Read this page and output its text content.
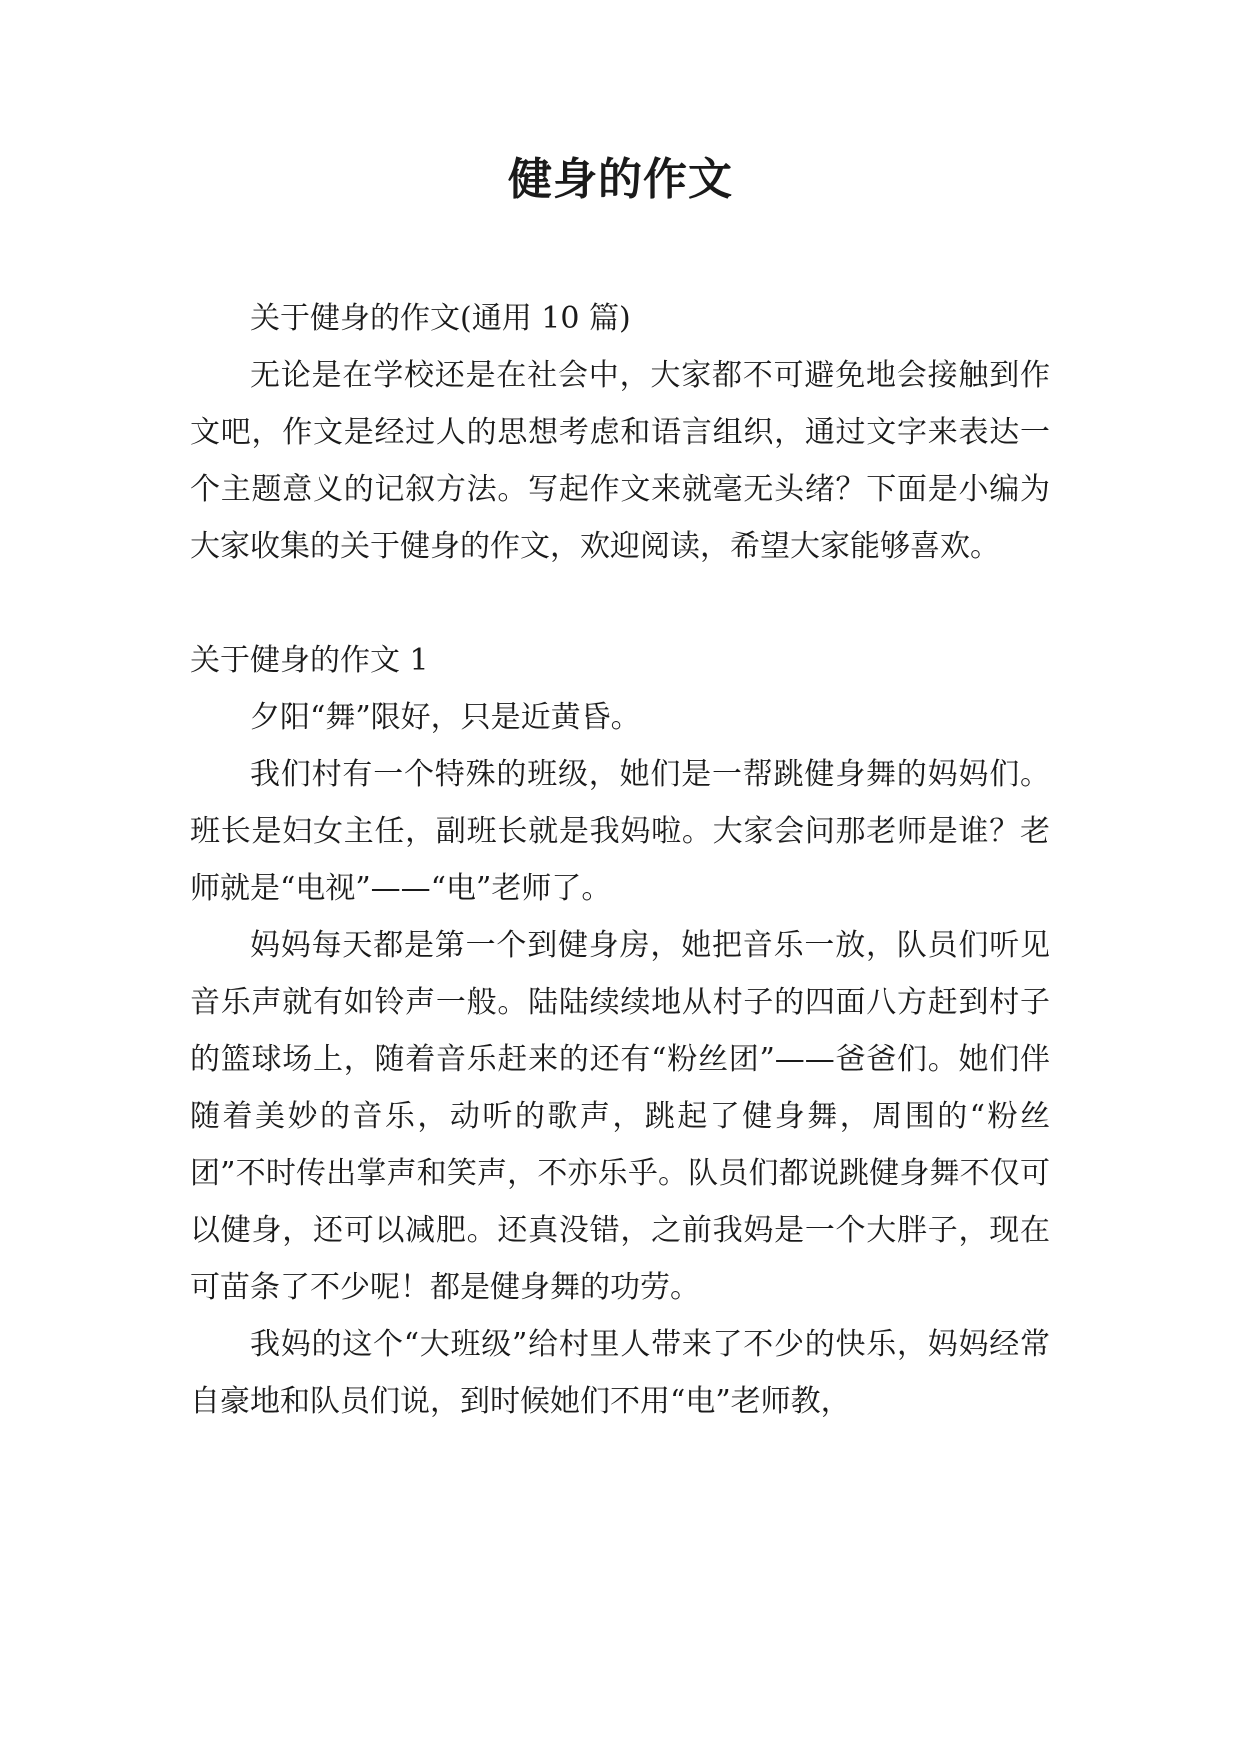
健身的作文

关于健身的作文(通用 10 篇)

无论是在学校还是在社会中，大家都不可避免地会接触到作文吧，作文是经过人的思想考虑和语言组织，通过文字来表达一个主题意义的记叙方法。写起作文来就毫无头绪？下面是小编为大家收集的关于健身的作文，欢迎阅读，希望大家能够喜欢。

关于健身的作文 1

夕阳“舞”限好，只是近黄昏。

我们村有一个特殊的班级，她们是一帮跳健身舞的妈妈们。班长是妇女主任，副班长就是我妈啦。大家会问那老师是谁？老师就是“电视”——“电”老师了。

妈妈每天都是第一个到健身房，她把音乐一放，队员们听见音乐声就有如铃声一般。陆陆续续地从村子的四面八方赶到村子的篮球场上，随着音乐赶来的还有“粉丝团”——爸爸们。她们伴随着美妙的音乐，动听的歌声，跳起了健身舞，周围的“粉丝团”不时传出掌声和笑声，不亦乐乎。队员们都说跳健身舞不仅可以健身，还可以减肥。还真没错，之前我妈是一个大胖子，现在可苗条了不少呢！都是健身舞的功劳。

我妈的这个“大班级”给村里人带来了不少的快乐，妈妈经常自豪地和队员们说，到时候她们不用“电”老师教，
